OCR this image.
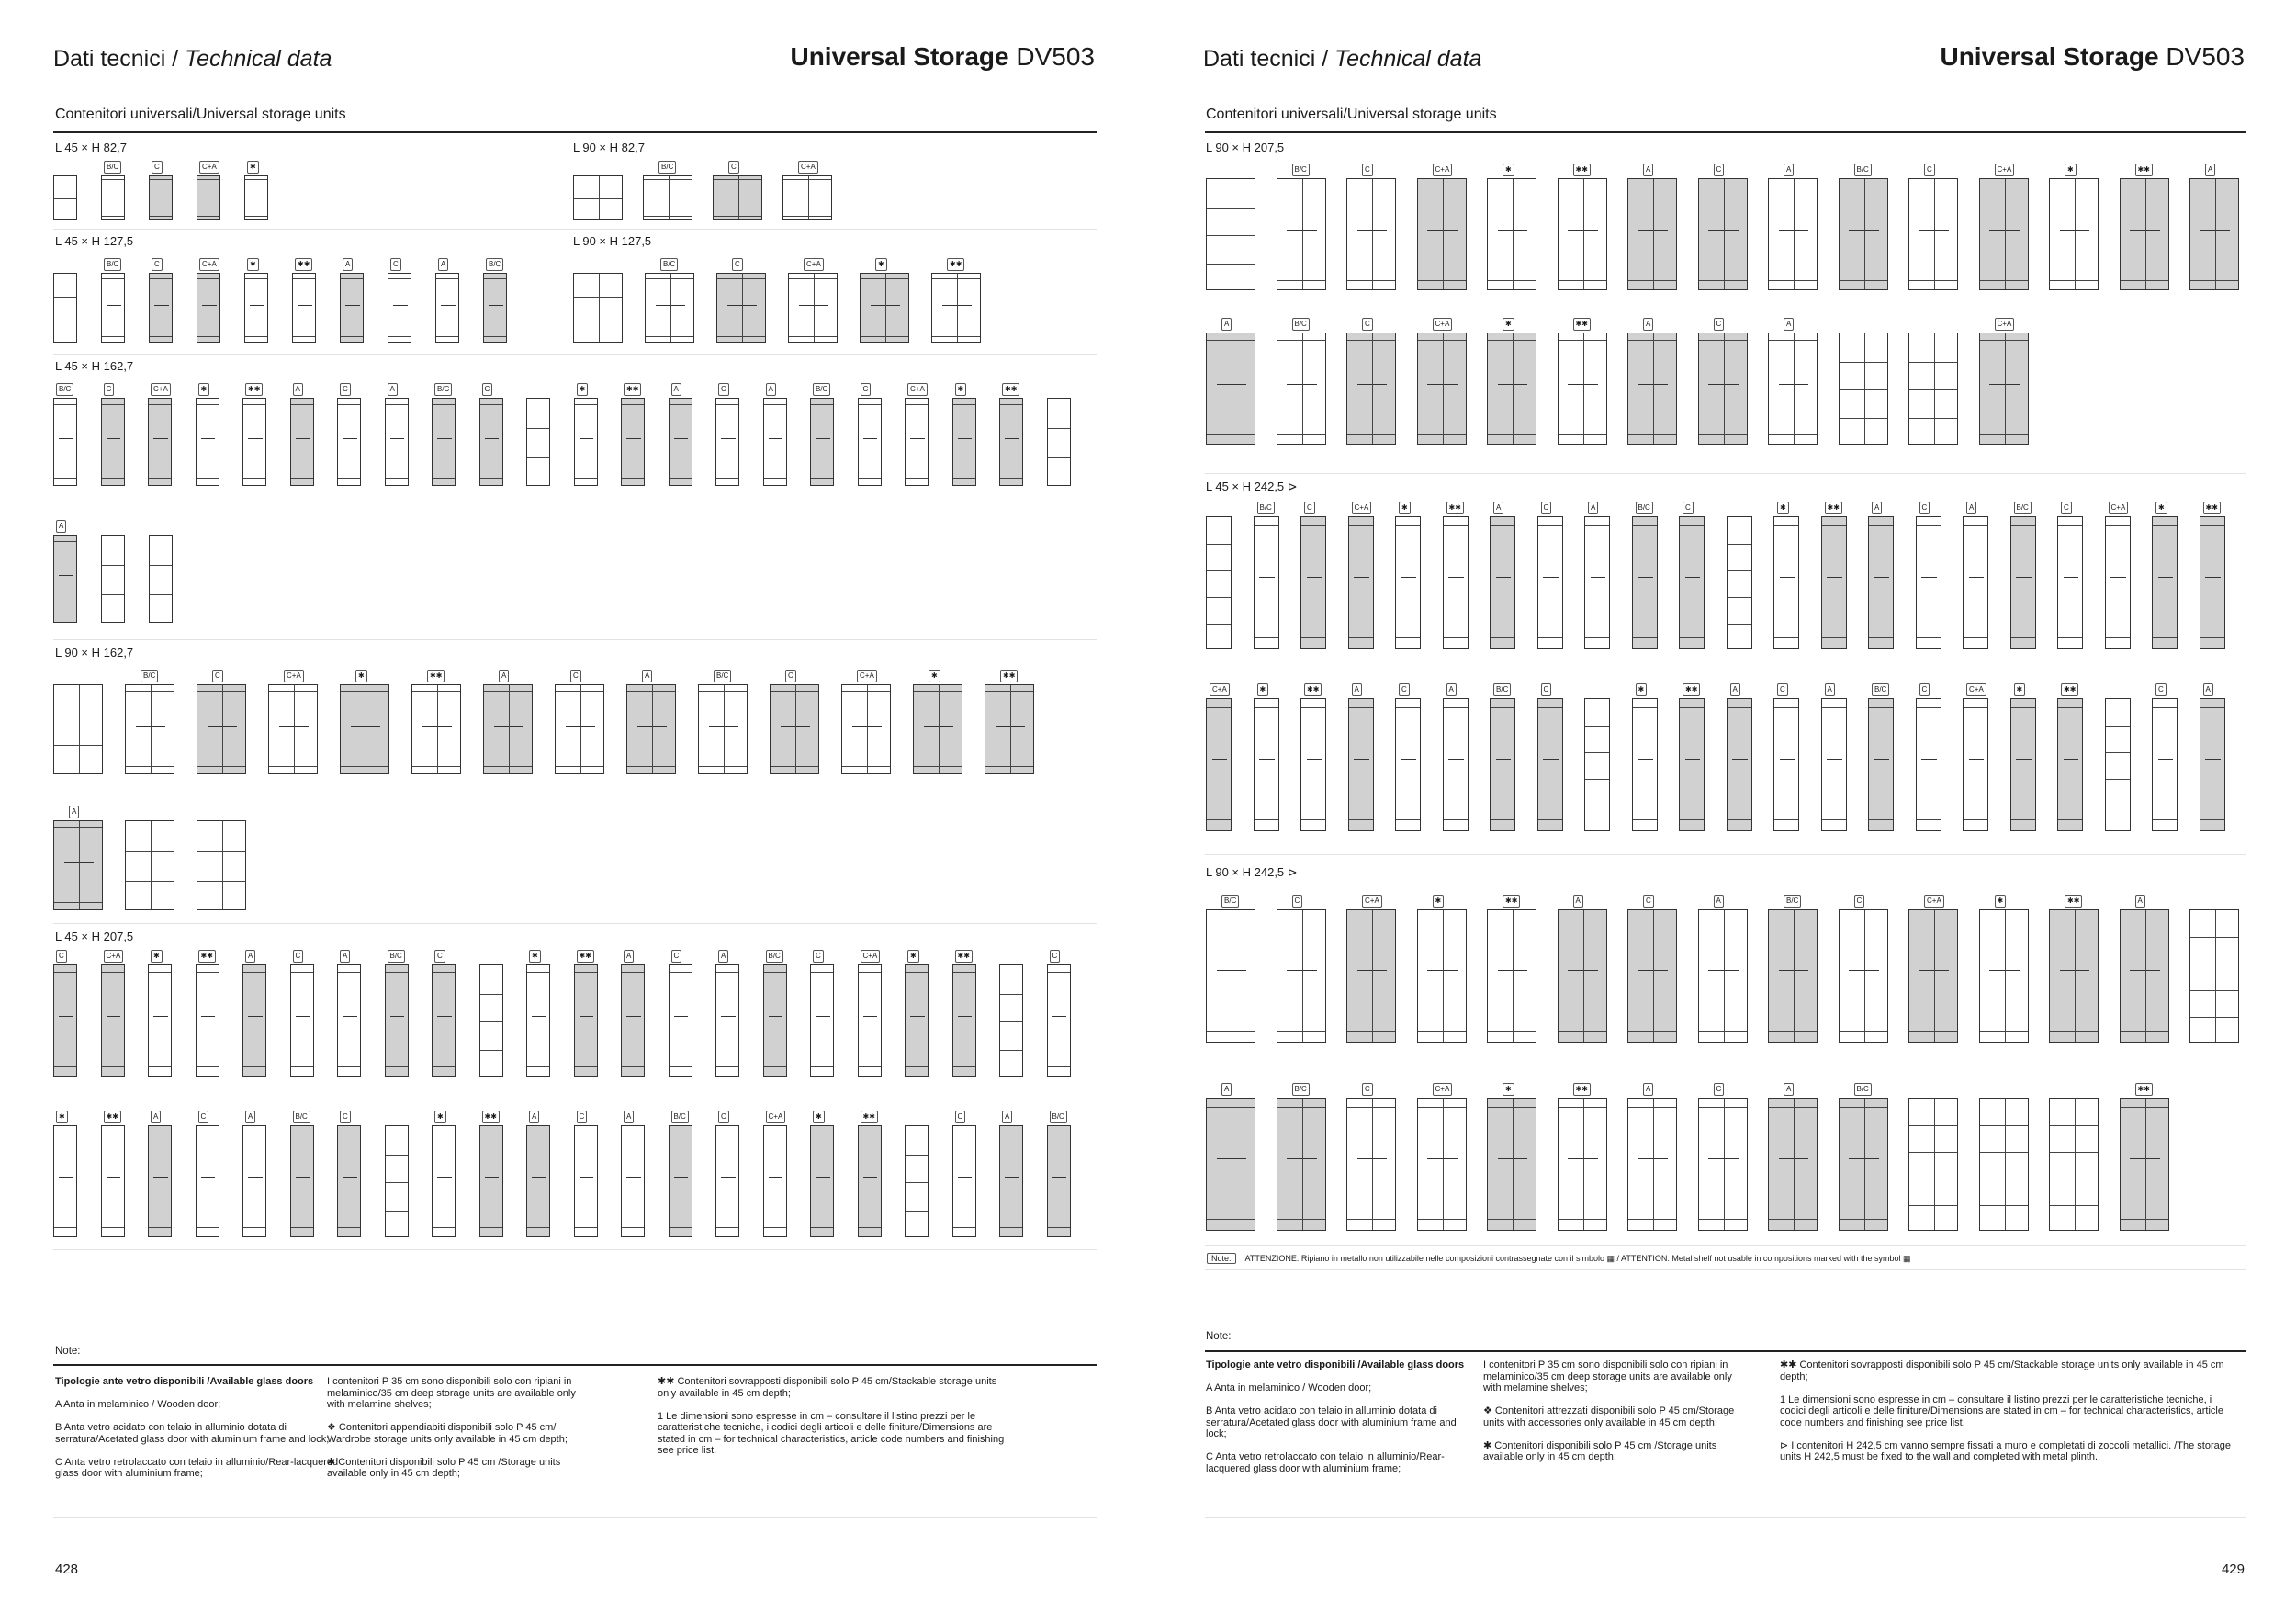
Dati tecnici / Technical data	Universal Storage DV503
Contenitori universali/Universal storage units
L 45 × H 82,7	L 90 × H 82,7
L 45 × H 127,5	L 90 × H 127,5
L 45 × H 162,7
L 90 × H 162,7
L 45 × H 207,5
B/C	C	C+A	✱	B/C	C	C+A
B/C	C	C+A	✱	✱✱	A	C	A	B/C	B/C	C	C+A	✱	✱✱
B/C	C	C+A	✱	✱✱	A	C	A	B/C	C	✱	✱✱	A	C	A	B/C	C	C+A	✱	✱✱
A
B/C	C	C+A	✱	✱✱	A	C	A	B/C	C	C+A	✱	✱✱
A
C	C+A	✱	✱✱	A	C	A	B/C	C	✱	✱✱	A	C	A	B/C	C	C+A	✱	✱✱	C
✱	✱✱	A	C	A	B/C	C	✱	✱✱	A	C	A	B/C	C	C+A	✱	✱✱	C	A	B/C
Note:
Tipologie ante vetro disponibili /Available glass doors

A Anta in melaminico / Wooden door;

B Anta vetro acidato con telaio in alluminio dotata di serratura/Acetated glass door with aluminium frame and lock;

C Anta vetro retrolaccato con telaio in alluminio/Rear-lacquered glass door with aluminium frame;
I contenitori P 35 cm sono disponibili solo con ripiani in melaminico/35 cm deep storage units are available only with melamine shelves;

❖ Contenitori appendiabiti disponibili solo P 45 cm/ Wardrobe storage units only available in 45 cm depth;

✱ Contenitori disponibili solo P 45 cm /Storage units available only in 45 cm depth;
✱✱ Contenitori sovrapposti disponibili solo P 45 cm/Stackable storage units only available in 45 cm depth;

1 Le dimensioni sono espresse in cm – consultare il listino prezzi per le caratteristiche tecniche, i codici degli articoli e delle finiture/Dimensions are stated in cm – for technical characteristics, article code numbers and finishing see price list.
428
Dati tecnici / Technical data	Universal Storage DV503
Contenitori universali/Universal storage units
L 90 × H 207,5
L 45 × H 242,5 ⊳
L 90 × H 242,5 ⊳
B/C	C	C+A	✱	✱✱	A	C	A	B/C	C	C+A	✱	✱✱	A
A	B/C	C	C+A	✱	✱✱	A	C	A	C+A
B/C	C	C+A	✱	✱✱	A	C	A	B/C	C	✱	✱✱	A	C	A	B/C	C	C+A	✱	✱✱
C+A	✱	✱✱	A	C	A	B/C	C	✱	✱✱	A	C	A	B/C	C	C+A	✱	✱✱	C	A
B/C	C	C+A	✱	✱✱	A	C	A	B/C	C	C+A	✱	✱✱	A
A	B/C	C	C+A	✱	✱✱	A	C	A	B/C	✱✱
Note: ATTENZIONE: Ripiano in metallo non utilizzabile nelle composizioni contrassegnate con il simbolo ▦ / ATTENTION: Metal shelf not usable in compositions marked with the symbol ▦
Note:
Tipologie ante vetro disponibili /Available glass doors

A Anta in melaminico / Wooden door;

B Anta vetro acidato con telaio in alluminio dotata di serratura/Acetated glass door with aluminium frame and lock;

C Anta vetro retrolaccato con telaio in alluminio/Rear-lacquered glass door with aluminium frame;
I contenitori P 35 cm sono disponibili solo con ripiani in melaminico/35 cm deep storage units are available only with melamine shelves;

❖ Contenitori attrezzati disponibili solo P 45 cm/Storage units with accessories only available in 45 cm depth;

✱ Contenitori disponibili solo P 45 cm /Storage units available only in 45 cm depth;
✱✱ Contenitori sovrapposti disponibili solo P 45 cm/Stackable storage units only available in 45 cm depth;

1 Le dimensioni sono espresse in cm – consultare il listino prezzi per le caratteristiche tecniche, i codici degli articoli e delle finiture/Dimensions are stated in cm – for technical characteristics, article code numbers and finishing see price list.

⊳ I contenitori H 242,5 cm vanno sempre fissati a muro e completati di zoccoli metallici. /The storage units H 242,5 must be fixed to the wall and completed with metal plinth.
429
